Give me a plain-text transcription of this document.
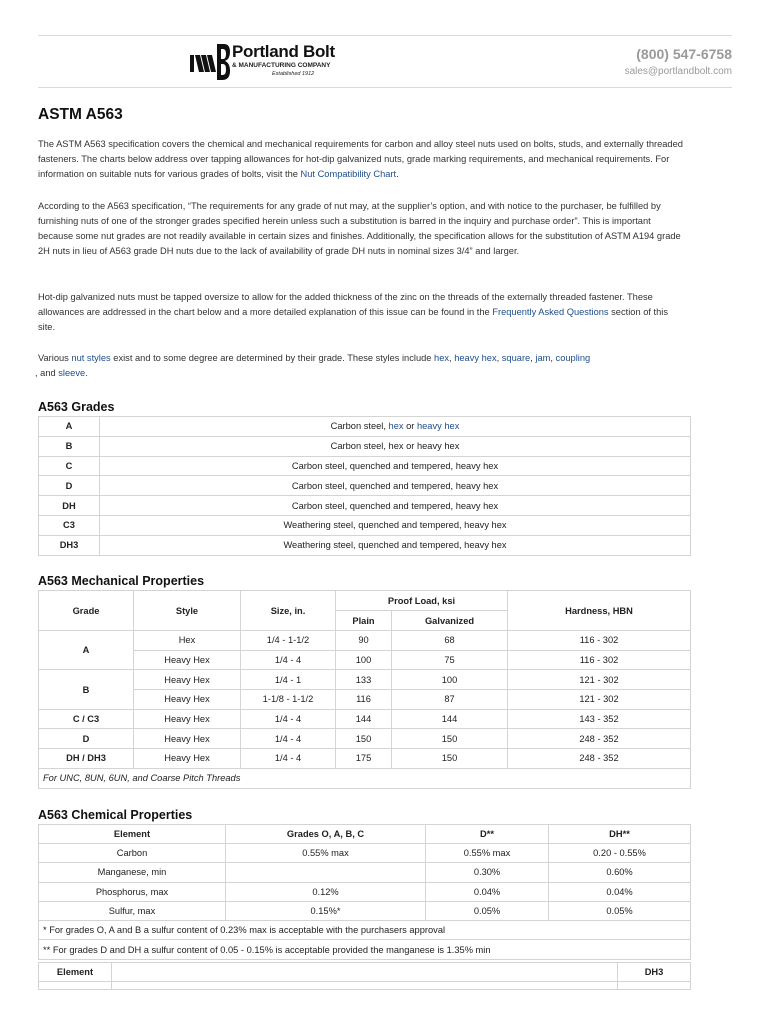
Portland Bolt
& MANUFACTURING COMPANY
Established 1912
(800) 547-6758
sales@portlandbolt.com
ASTM A563

The ASTM A563 specification covers the chemical and mechanical requirements for carbon and alloy steel nuts used on bolts, studs, and externally threaded fasteners. The charts below address over tapping allowances for hot-dip galvanized nuts, grade marking requirements, and mechanical requirements. For information on suitable nuts for various grades of bolts, visit the Nut Compatibility Chart.

According to the A563 specification, “The requirements for any grade of nut may, at the supplier’s option, and with notice to the purchaser, be fulfilled by furnishing nuts of one of the stronger grades specified herein unless such a substitution is barred in the inquiry and purchase order”. This is important because some nut grades are not readily available in certain sizes and finishes. Additionally, the specification allows for the substitution of ASTM A194 grade 2H nuts in lieu of A563 grade DH nuts due to the lack of availability of grade DH nuts in nominal sizes 3/4” and larger.

Hot-dip galvanized nuts must be tapped oversize to allow for the added thickness of the zinc on the threads of the externally threaded fastener. These allowances are addressed in the chart below and a more detailed explanation of this issue can be found in the Frequently Asked Questions section of this site.

Various nut styles exist and to some degree are determined by their grade. These styles include hex, heavy hex, square, jam, coupling
, and sleeve.

A563 Grades
A	Carbon steel, hex or heavy hex
B	Carbon steel, hex or heavy hex
C	Carbon steel, quenched and tempered, heavy hex
D	Carbon steel, quenched and tempered, heavy hex
DH	Carbon steel, quenched and tempered, heavy hex
C3	Weathering steel, quenched and tempered, heavy hex
DH3	Weathering steel, quenched and tempered, heavy hex
A563 Mechanical Properties
Grade	Style	Size, in.	Proof Load, ksi		Hardness, HBN
			Plain	Galvanized	
A	Hex	1/4 - 1-1/2	90	68	116 - 302
	Heavy Hex	1/4 - 4	100	75	116 - 302
B	Heavy Hex	1/4 - 1	133	100	121 - 302
	Heavy Hex	1-1/8 - 1-1/2	116	87	121 - 302
C / C3	Heavy Hex	1/4 - 4	144	144	143 - 352
D	Heavy Hex	1/4 - 4	150	150	248 - 352
DH / DH3	Heavy Hex	1/4 - 4	175	150	248 - 352
For UNC, 8UN, 6UN, and Coarse Pitch Threads					
A563 Chemical Properties
Element	Grades O, A, B, C	D**	DH**
Carbon	0.55% max	0.55% max	0.20 - 0.55%
Manganese, min		0.30%	0.60%
Phosphorus, max	0.12%	0.04%	0.04%
Sulfur, max	0.15%*	0.05%	0.05%
* For grades O, A and B a sulfur content of 0.23% max is acceptable with the purchasers approval			
** For grades D and DH a sulfur content of 0.05 - 0.15% is acceptable provided the manganese is 1.35% min			
Element		DH3
